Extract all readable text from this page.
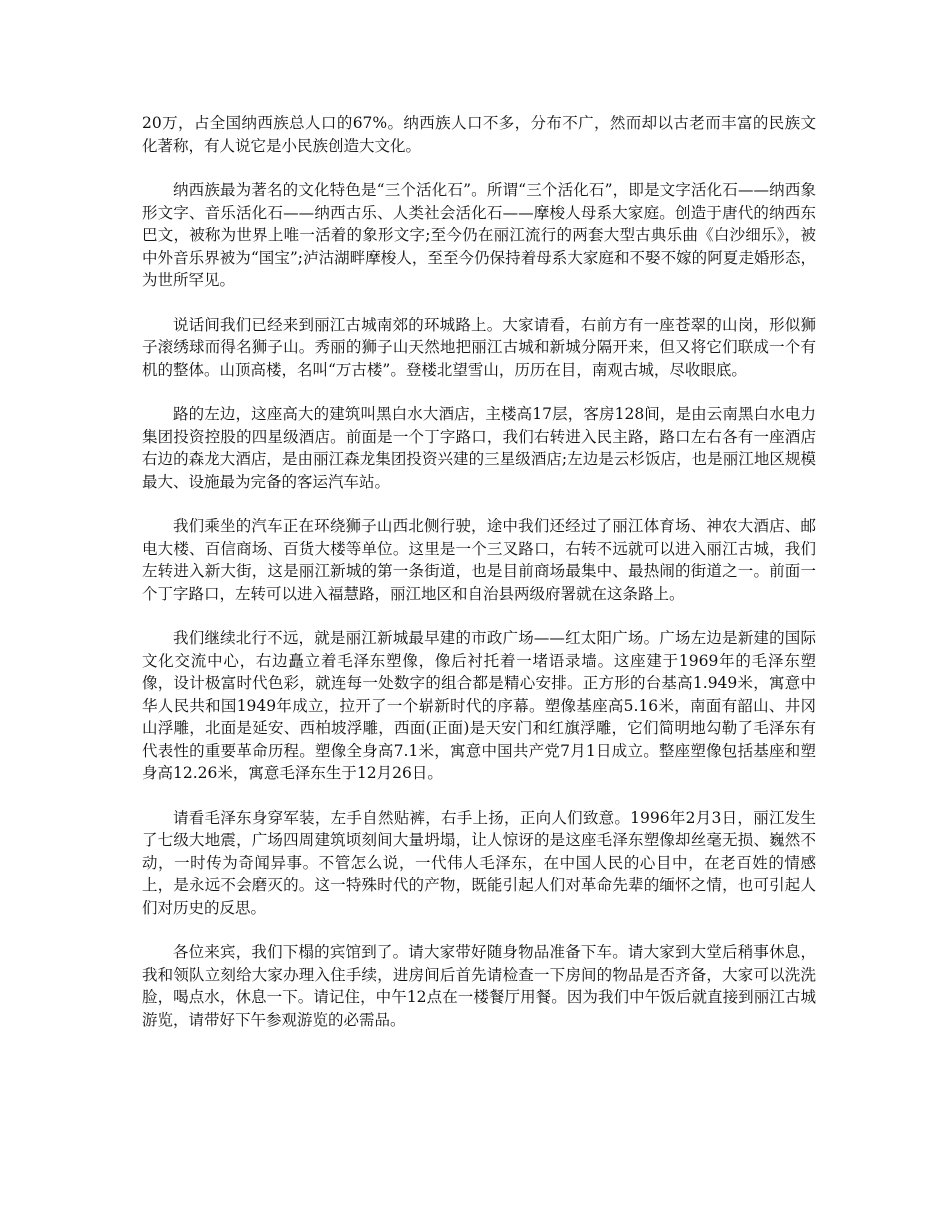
20万，占全国纳西族总人口的67%。纳西族人口不多，分布不广，然而却以古老而丰富的民族文化著称，有人说它是小民族创造大文化。

纳西族最为著名的文化特色是“三个活化石”。所谓“三个活化石”，即是文字活化石——纳西象形文字、音乐活化石——纳西古乐、人类社会活化石——摩梭人母系大家庭。创造于唐代的纳西东巴文，被称为世界上唯一活着的象形文字;至今仍在丽江流行的两套大型古典乐曲《白沙细乐》，被中外音乐界被为“国宝”;泸沽湖畔摩梭人，至至今仍保持着母系大家庭和不娶不嫁的阿夏走婚形态，为世所罕见。

说话间我们已经来到丽江古城南郊的环城路上。大家请看，右前方有一座苍翠的山岗，形似狮子滚绣球而得名狮子山。秀丽的狮子山天然地把丽江古城和新城分隔开来，但又将它们联成一个有机的整体。山顶高楼，名叫“万古楼”。登楼北望雪山，历历在目，南观古城，尽收眼底。

路的左边，这座高大的建筑叫黑白水大酒店，主楼高17层，客房128间，是由云南黑白水电力集团投资控股的四星级酒店。前面是一个丁字路口，我们右转进入民主路，路口左右各有一座酒店右边的森龙大酒店，是由丽江森龙集团投资兴建的三星级酒店;左边是云杉饭店，也是丽江地区规模最大、设施最为完备的客运汽车站。

我们乘坐的汽车正在环绕狮子山西北侧行驶，途中我们还经过了丽江体育场、神农大酒店、邮电大楼、百信商场、百货大楼等单位。这里是一个三叉路口，右转不远就可以进入丽江古城，我们左转进入新大街，这是丽江新城的第一条街道，也是目前商场最集中、最热闹的街道之一。前面一个丁字路口，左转可以进入福慧路，丽江地区和自治县两级府署就在这条路上。

我们继续北行不远，就是丽江新城最早建的市政广场——红太阳广场。广场左边是新建的国际文化交流中心，右边矗立着毛泽东塑像，像后衬托着一堵语录墙。这座建于1969年的毛泽东塑像，设计极富时代色彩，就连每一处数字的组合都是精心安排。正方形的台基高1.949米，寓意中华人民共和国1949年成立，拉开了一个崭新时代的序幕。塑像基座高5.16米，南面有韶山、井冈山浮雕，北面是延安、西柏坡浮雕，西面(正面)是天安门和红旗浮雕，它们简明地勾勒了毛泽东有代表性的重要革命历程。塑像全身高7.1米，寓意中国共产党7月1日成立。整座塑像包括基座和塑身高12.26米，寓意毛泽东生于12月26日。

请看毛泽东身穿军装，左手自然贴裤，右手上扬，正向人们致意。1996年2月3日，丽江发生了七级大地震，广场四周建筑顷刻间大量坍塌，让人惊讶的是这座毛泽东塑像却丝毫无损、巍然不动，一时传为奇闻异事。不管怎么说，一代伟人毛泽东，在中国人民的心目中，在老百姓的情感上，是永远不会磨灭的。这一特殊时代的产物，既能引起人们对革命先辈的缅怀之情，也可引起人们对历史的反思。

各位来宾，我们下榻的宾馆到了。请大家带好随身物品准备下车。请大家到大堂后稍事休息，我和领队立刻给大家办理入住手续，进房间后首先请检查一下房间的物品是否齐备，大家可以洗洗脸，喝点水，休息一下。请记住，中午12点在一楼餐厅用餐。因为我们中午饭后就直接到丽江古城游览，请带好下午参观游览的必需品。
